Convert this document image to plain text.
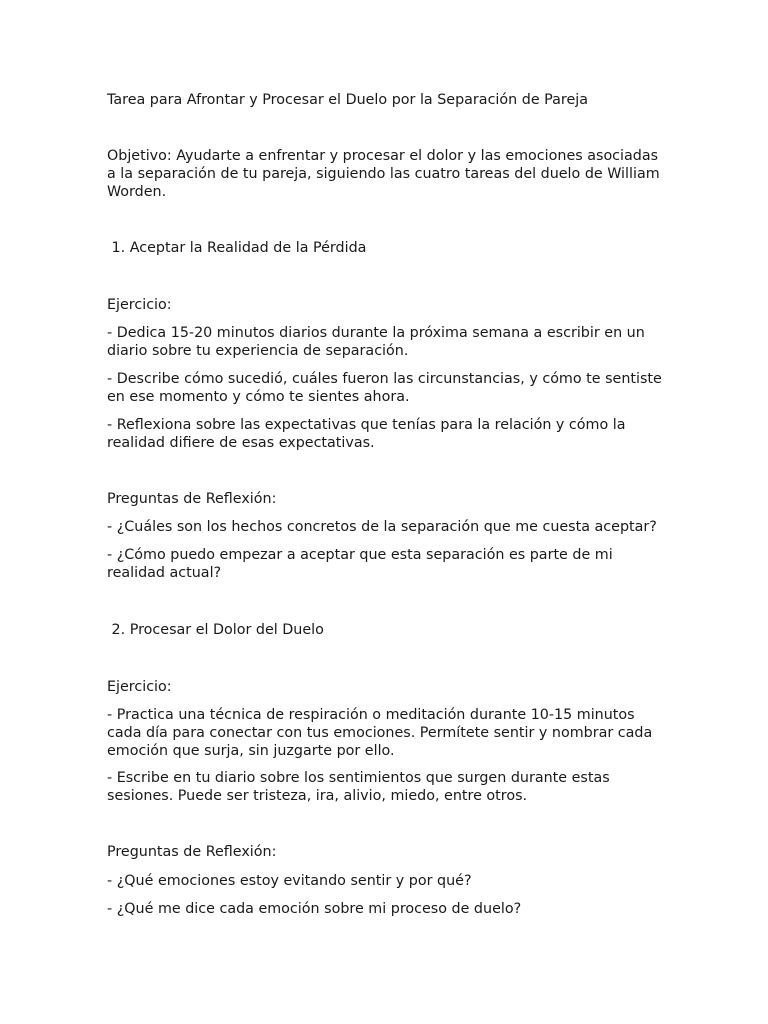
Tarea para Afrontar y Procesar el Duelo por la Separación de Pareja

Objetivo: Ayudarte a enfrentar y procesar el dolor y las emociones asociadas a la separación de tu pareja, siguiendo las cuatro tareas del duelo de William Worden.

1. Aceptar la Realidad de la Pérdida

Ejercicio:

- Dedica 15-20 minutos diarios durante la próxima semana a escribir en un diario sobre tu experiencia de separación.

- Describe cómo sucedió, cuáles fueron las circunstancias, y cómo te sentiste en ese momento y cómo te sientes ahora.

- Reflexiona sobre las expectativas que tenías para la relación y cómo la realidad difiere de esas expectativas.

Preguntas de Reflexión:

- ¿Cuáles son los hechos concretos de la separación que me cuesta aceptar?

- ¿Cómo puedo empezar a aceptar que esta separación es parte de mi realidad actual?

2. Procesar el Dolor del Duelo

Ejercicio:

- Practica una técnica de respiración o meditación durante 10-15 minutos cada día para conectar con tus emociones. Permítete sentir y nombrar cada emoción que surja, sin juzgarte por ello.

- Escribe en tu diario sobre los sentimientos que surgen durante estas sesiones. Puede ser tristeza, ira, alivio, miedo, entre otros.

Preguntas de Reflexión:

- ¿Qué emociones estoy evitando sentir y por qué?

- ¿Qué me dice cada emoción sobre mi proceso de duelo?
